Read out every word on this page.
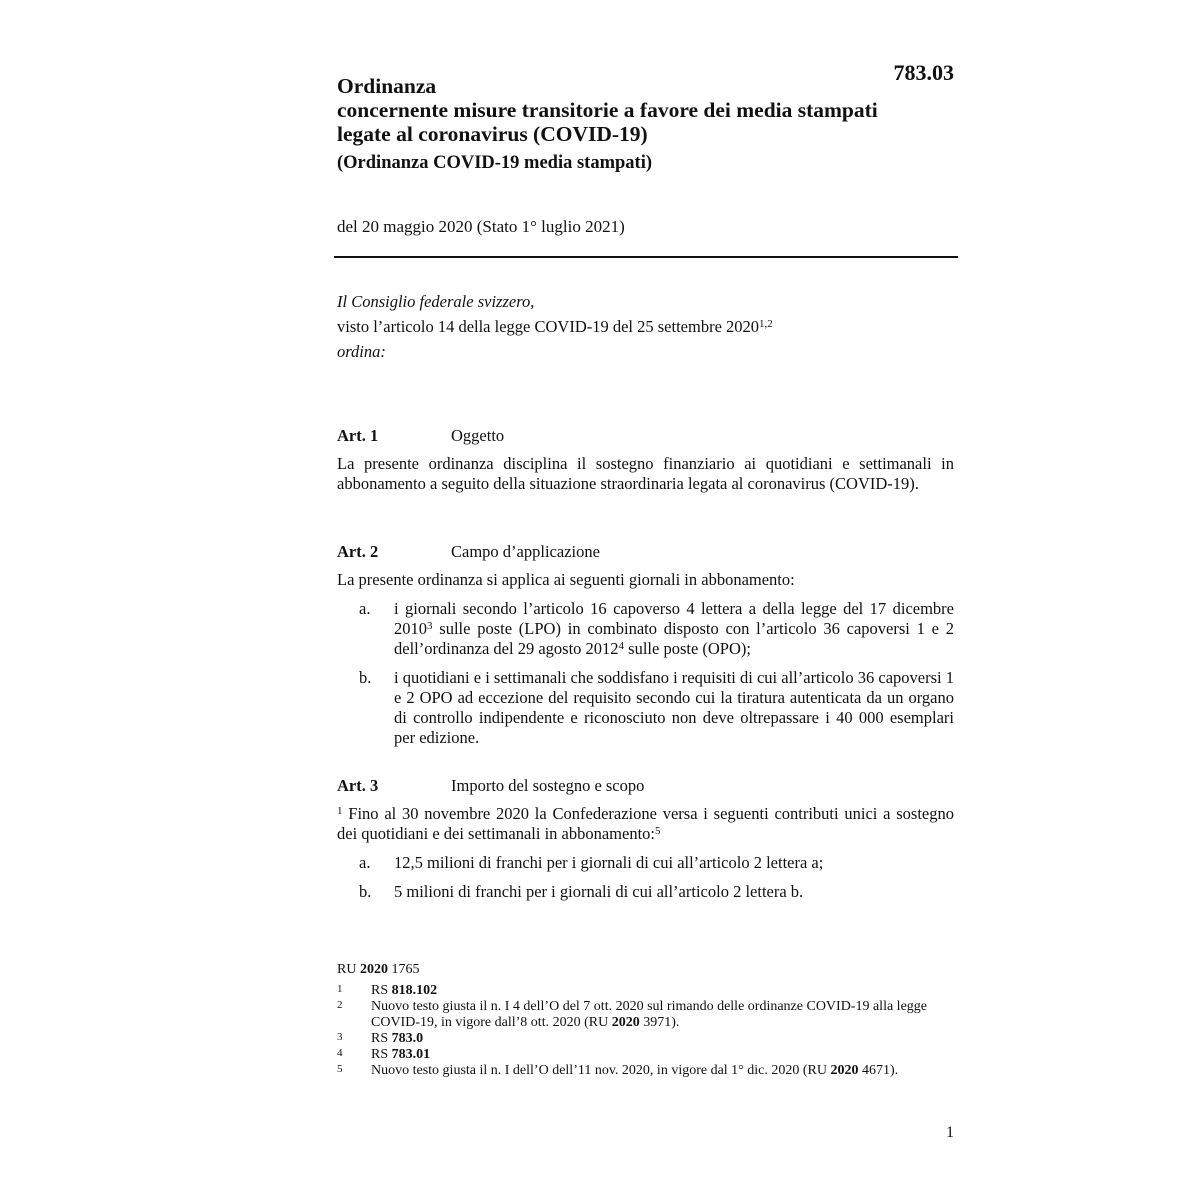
783.03
Ordinanza
concernente misure transitorie a favore dei media stampati
legate al coronavirus (COVID-19)
(Ordinanza COVID-19 media stampati)
del 20 maggio 2020 (Stato 1° luglio 2021)
Il Consiglio federale svizzero,
visto l’articolo 14 della legge COVID-19 del 25 settembre 2020$^{1,2}$
ordina:
Art. 1	Oggetto
La presente ordinanza disciplina il sostegno finanziario ai quotidiani e settimanali in abbonamento a seguito della situazione straordinaria legata al coronavirus (COVID-19).
Art. 2	Campo d’applicazione
La presente ordinanza si applica ai seguenti giornali in abbonamento:
a. i giornali secondo l’articolo 16 capoverso 4 lettera a della legge del 17 dicembre 2010$^3$ sulle poste (LPO) in combinato disposto con l’articolo 36 capoversi 1 e 2 dell’ordinanza del 29 agosto 2012$^4$ sulle poste (OPO);
b. i quotidiani e i settimanali che soddisfano i requisiti di cui all’articolo 36 capoversi 1 e 2 OPO ad eccezione del requisito secondo cui la tiratura autenticata da un organo di controllo indipendente e riconosciuto non deve oltrepassare i 40 000 esemplari per edizione.
Art. 3	Importo del sostegno e scopo
$^1$ Fino al 30 novembre 2020 la Confederazione versa i seguenti contributi unici a sostegno dei quotidiani e dei settimanali in abbonamento:$^5$
a. 12,5 milioni di franchi per i giornali di cui all’articolo 2 lettera a;
b. 5 milioni di franchi per i giornali di cui all’articolo 2 lettera b.
RU 2020 1765
1 RS 818.102
2 Nuovo testo giusta il n. I 4 dell’O del 7 ott. 2020 sul rimando delle ordinanze COVID-19 alla legge COVID-19, in vigore dall’8 ott. 2020 (RU 2020 3971).
3 RS 783.0
4 RS 783.01
5 Nuovo testo giusta il n. I dell’O dell’11 nov. 2020, in vigore dal 1° dic. 2020 (RU 2020 4671).
1
